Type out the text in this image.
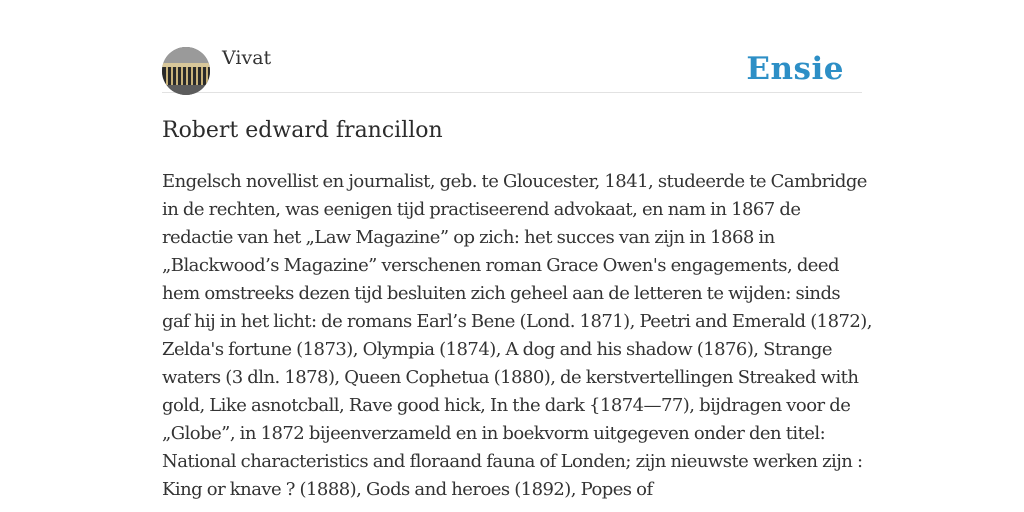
Vivat	Ensie
Robert edward francillon

Engelsch novellist en journalist, geb. te Gloucester, 1841, studeerde te Cambridge in de rechten, was eenigen tijd practiseerend advokaat, en nam in 1867 de redactie van het „Law Magazine” op zich: het succes van zijn in 1868 in „Blackwood’s Magazine” verschenen roman Grace Owen's engagements, deed hem omstreeks dezen tijd besluiten zich geheel aan de letteren te wijden: sinds gaf hij in het licht: de romans Earl’s Bene (Lond. 1871), Peetri and Emerald (1872), Zelda's fortune (1873), Olympia (1874), A dog and his shadow (1876), Strange waters (3 dln. 1878), Queen Cophetua (1880), de kerstvertellingen Streaked with gold, Like asnotcball, Rave good hick, In the dark {1874—77), bijdragen voor de „Globe”, in 1872 bijeenverzameld en in boekvorm uitgegeven onder den titel: National characteristics and floraand fauna of Londen; zijn nieuwste werken zijn : King or knave ? (1888), Gods and heroes (1892), Popes of
